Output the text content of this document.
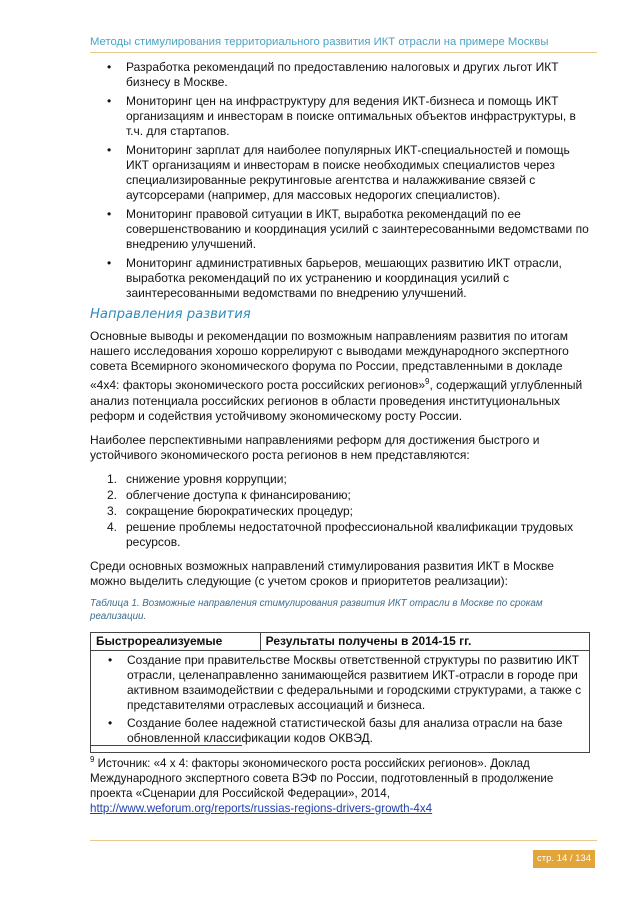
Методы стимулирования территориального развития ИКТ отрасли на примере Москвы
• Разработка рекомендаций по предоставлению налоговых и других льгот ИКТ бизнесу в Москве.
• Мониторинг цен на инфраструктуру для ведения ИКТ-бизнеса и помощь ИКТ организациям и инвесторам в поиске оптимальных объектов инфраструктуры, в т.ч. для стартапов.
• Мониторинг зарплат для наиболее популярных ИКТ-специальностей и помощь ИКТ организациям и инвесторам в поиске необходимых специалистов через специализированные рекрутинговые агентства и налажживание связей с аутсорсерами (например, для массовых недорогих специалистов).
• Мониторинг правовой ситуации в ИКТ, выработка рекомендаций по ее совершенствованию и координация усилий с заинтересованными ведомствами по внедрению улучшений.
• Мониторинг административных барьеров, мешающих развитию ИКТ отрасли, выработка рекомендаций по их устранению и координация усилий с заинтересованными ведомствами по внедрению улучшений.
Направления развития

Основные выводы и рекомендации по возможным направлениям развития по итогам нашего исследования хорошо коррелируют с выводами международного экспертного совета Всемирного экономического форума по России, представленными в докладе «4х4: факторы экономического роста российских регионов»$^9$, содержащий углубленный анализ потенциала российских регионов в области проведения институциональных реформ и содействия устойчивому экономическому росту России.

Наиболее перспективными направлениями реформ для достижения быстрого и устойчивого экономического роста регионов в нем представляются:

1. снижение уровня коррупции;
2. облегчение доступа к финансированию;
3. сокращение бюрократических процедур;
4. решение проблемы недостаточной профессиональной квалификации трудовых ресурсов.

Среди основных возможных направлений стимулирования развития ИКТ в Москве можно выделить следующие (с учетом сроков и приоритетов реализации):

Таблица 1. Возможные направления стимулирования развития ИКТ отрасли в Москве по срокам реализации.
Быстрореализуемые	Результаты получены в 2014-15 гг.

• Создание при правительстве Москвы ответственной структуры по развитию ИКТ отрасли, целенаправленно занимающейся развитием ИКТ-отрасли в городе при активном взаимодействии с федеральными и городскими структурами, а также с представителями отраслевых ассоциаций и бизнеса.
• Создание более надежной статистической базы для анализа отрасли на базе обновленной классификации кодов ОКВЭД.
$^9$ Источник: «4 х 4: факторы экономического роста российских регионов». Доклад Международного экспертного совета ВЭФ по России, подготовленный в продолжение проекта «Сценарии для Российской Федерации», 2014, http://www.weforum.org/reports/russias-regions-drivers-growth-4x4
стр. 14 / 134
